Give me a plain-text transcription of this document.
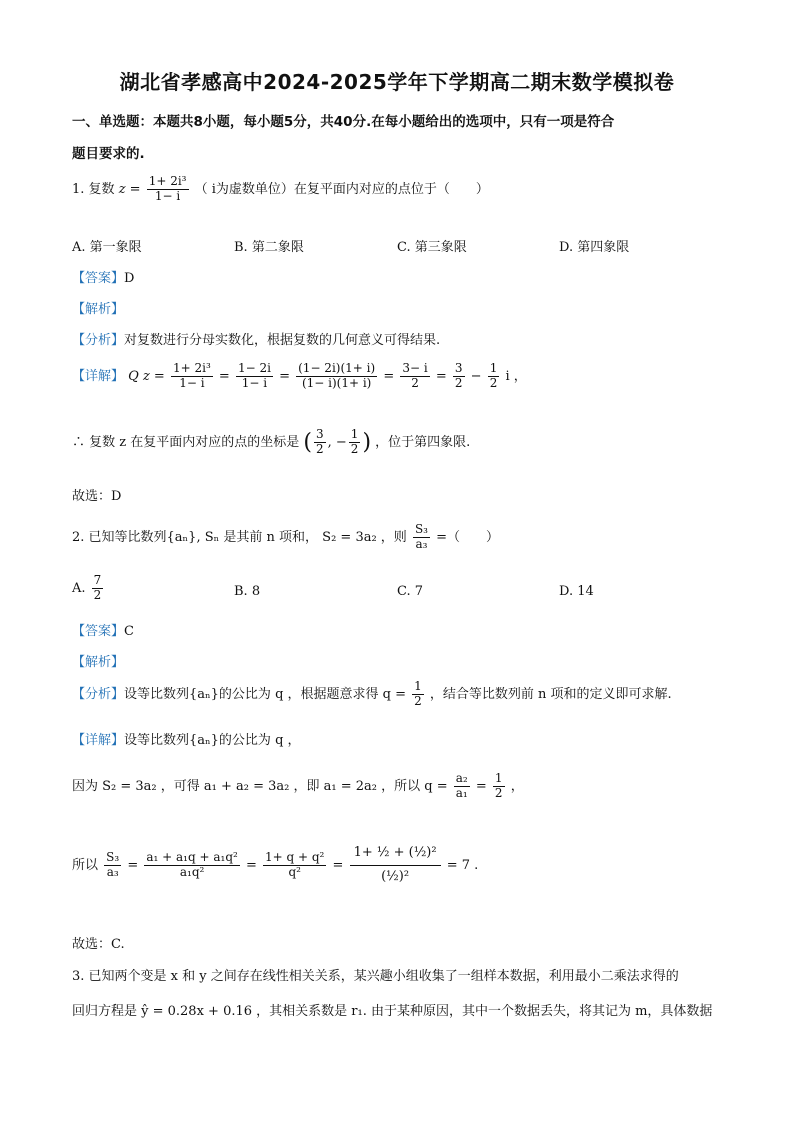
湖北省孝感高中2024-2025学年下学期高二期末数学模拟卷
一、单选题：本题共8小题，每小题5分，共40分.在每小题给出的选项中，只有一项是符合
题目要求的.
1. 复数 $z = \frac{\text{1+ 2i³}}{1- i}$ （ i为虚数单位）在复平面内对应的点位于（　　）
A. 第一象限	B. 第二象限	C. 第三象限	D. 第四象限
【答案】D
【解析】
【分析】对复数进行分母实数化，根据复数的几何意义可得结果.
【详解】 Q $z = \frac{\text{1+ 2i³}}{1- i} = \frac{1- 2i}{1- i} = \frac{(1- 2i)(1+ i)}{(1- i)(1+ i)} = \frac{3- i}{2} = \frac{3}{2} - \frac{1}{2}$ i ，
∴ 复数 z 在复平面内对应的点的坐标是 ( $\frac{3}{2}$ , − $\frac{1}{2}$ ) ，位于第四象限.
故选：D
2. 已知等比数列{aₙ}, Sₙ 是其前 n 项和， S₂ = 3a₂ ，则 $\frac{\text{S₃}}{\text{a₃}}$ =（　　）
A. $\frac{7}{2}$	B. 8	C. 7	D. 14
【答案】C
【解析】
【分析】设等比数列{aₙ}的公比为 q ，根据题意求得 $q = \frac{1}{2}$ ，结合等比数列前 n 项和的定义即可求解.
【详解】设等比数列{aₙ}的公比为 q ，
因为 S₂ = 3a₂ ，可得 a₁ + a₂ = 3a₂ ，即 a₁ = 2a₂ ，所以 $q = \frac{\text{a₂}}{\text{a₁}} = \frac{1}{2}$ ，
所以 $\frac{\text{S₃}}{\text{a₃}} = \frac{\text{a₁ + a₁q + a₁q²}}{\text{a₁q²}} = \frac{\text{1+ q + q²}}{\text{q²}} = \frac{\text{1+ ½ + (½)²}}{\text{(½)²}} = 7$ .
故选：C.
3. 已知两个变是 x 和 y 之间存在线性相关关系，某兴趣小组收集了一组样本数据，利用最小二乘法求得的
回归方程是 ŷ = 0.28x + 0.16 ，其相关系数是 r₁. 由于某种原因，其中一个数据丢失，将其记为 m，具体数据
